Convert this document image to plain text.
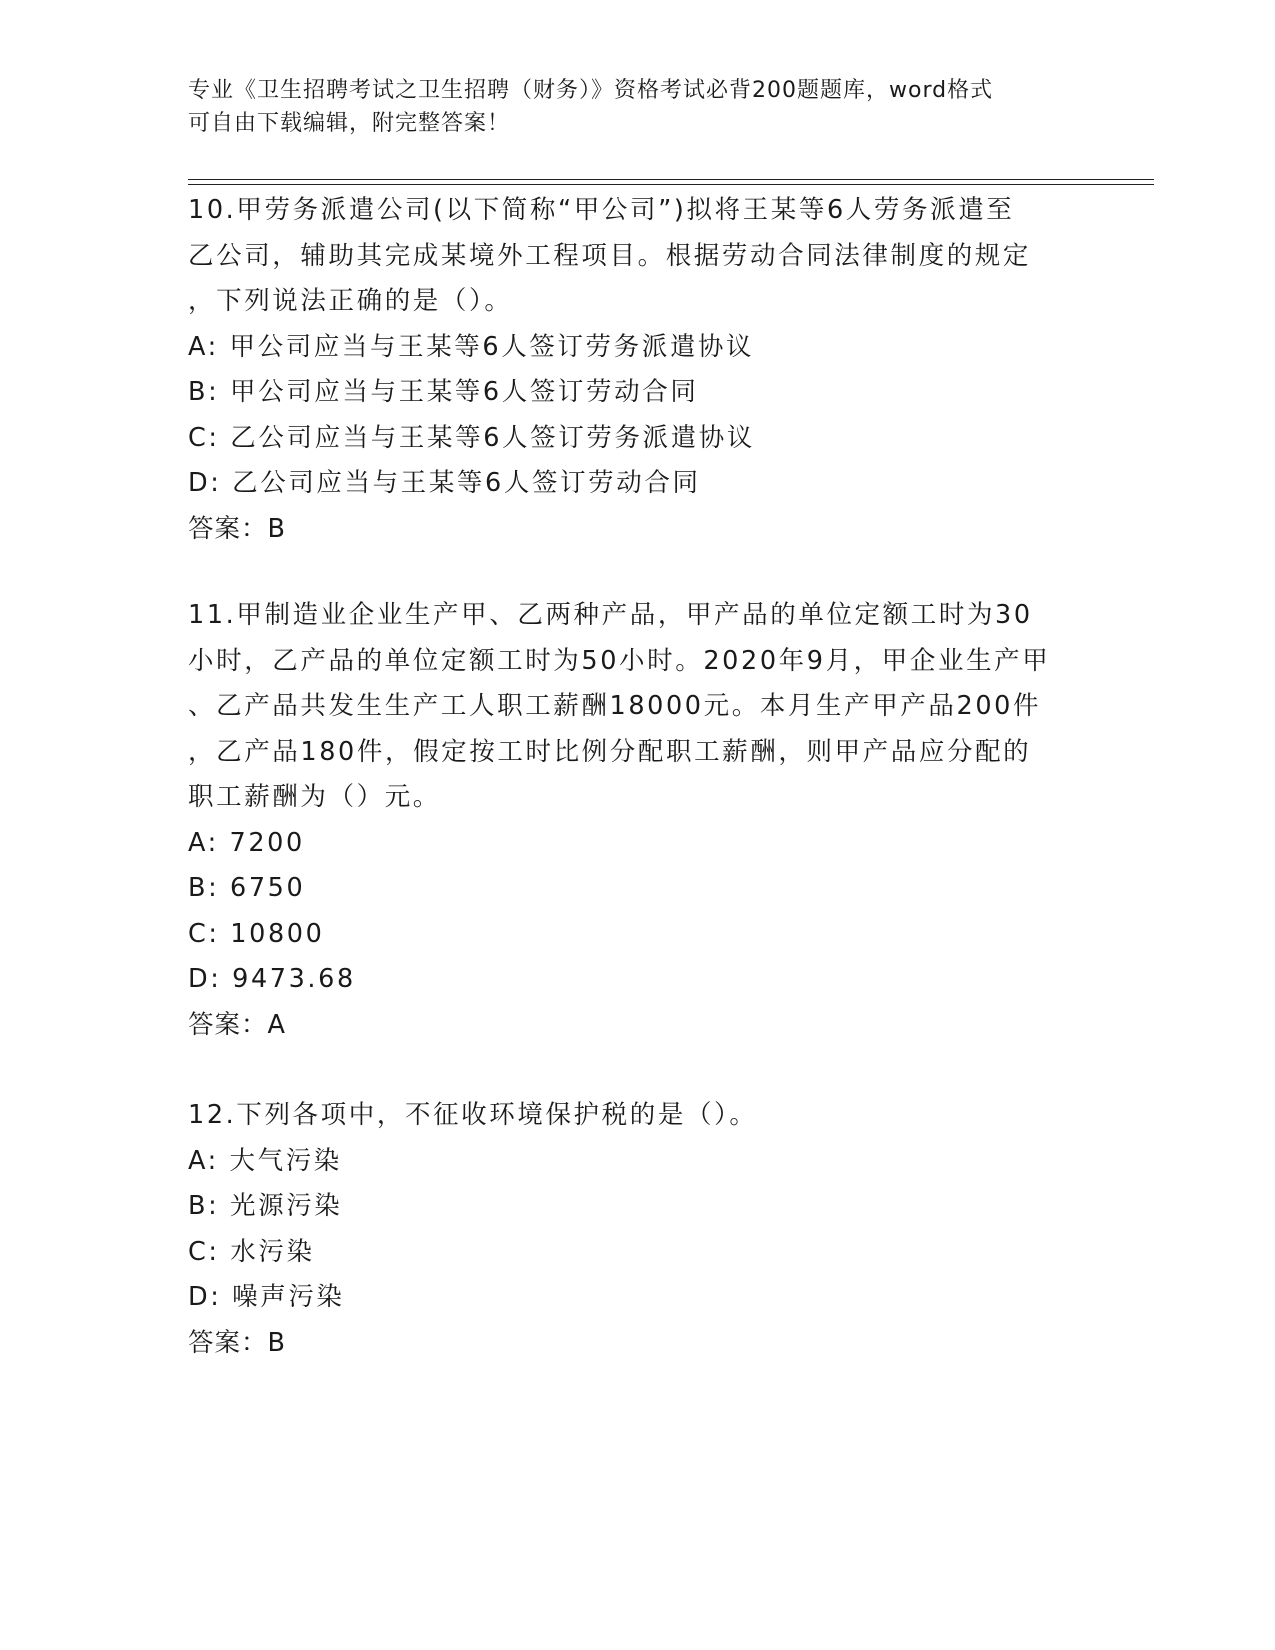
专业《卫生招聘考试之卫生招聘（财务）》资格考试必背200题题库，word格式

可自由下载编辑，附完整答案！

10.甲劳务派遣公司(以下简称“甲公司”)拟将王某等6人劳务派遣至
乙公司，辅助其完成某境外工程项目。根据劳动合同法律制度的规定
，下列说法正确的是（）。
A: 甲公司应当与王某等6人签订劳务派遣协议
B: 甲公司应当与王某等6人签订劳动合同
C: 乙公司应当与王某等6人签订劳务派遣协议
D: 乙公司应当与王某等6人签订劳动合同
答案：B
11.甲制造业企业生产甲、乙两种产品，甲产品的单位定额工时为30
小时，乙产品的单位定额工时为50小时。2020年9月，甲企业生产甲
、乙产品共发生生产工人职工薪酬18000元。本月生产甲产品200件
，乙产品180件，假定按工时比例分配职工薪酬，则甲产品应分配的
职工薪酬为（）元。
A: 7200
B: 6750
C: 10800
D: 9473.68
答案：A
12.下列各项中，不征收环境保护税的是（）。
A: 大气污染
B: 光源污染
C: 水污染
D: 噪声污染
答案：B
